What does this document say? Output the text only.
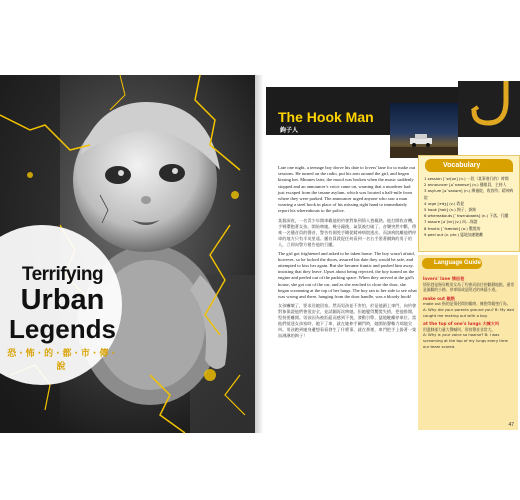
Terrifying
Urban
Legends
恐·怖·的·都·市·傳·說
The Hook Man
鉤子人

Late one night, a teenage boy drove his date to lovers' lane for to make out sessions. He turned on the radio, put his arm around the girl, and began kissing her. Minutes later, the mood was broken when the music suddenly stopped and an announcer's voice came on, warning that a murderer had just escaped from the insane asylum, which was located a half-mile from where they were parked. The announcer urged anyone who saw a man wearing a steel hook in place of his missing right hand to immediately report his whereabouts to the police.

某個深夜，一名青少年開車載他的約會對象到情人巷親熱。他打開收音機，手臂環抱著女孩，開始吻她。幾分鐘後，氣氛被打破了，音樂突然中斷，傳來一名播音員的聲音，警告有個兇手剛從精神病院逃出，而該病院離他們停車的地方只有半英里遠。播音員敦促任何看到一名右手裝著鋼鉤的男子的人，立即向警方報告他的行蹤。

The girl got frightened and asked to be taken home. The boy wasn't afraid, however, so he locked the doors, assured his date they would be safe, and attempted to kiss her again. But she became frantic and pushed him away, insisting that they leave. Upset about being rejected, the boy turned on the engine and peeled out of the parking space. When they arrived at the girl's house, she got out of the car, and as she reached to close the door, she began screaming at the top of her lungs. The boy ran to her side to see what was wrong and there, hanging from the door handle, was a bloody hook!

女孩嚇壞了，要求送她回家。然而男孩並不害怕，於是他鎖上車門，向約會對象保證他們會很安全，並試圖再次吻她。但她變得驚慌失措，把他推開，堅持要離開。男孩因為被拒絕而感到不悅，發動引擎，猛地駛離停車位。當他們抵達女孩家時，她下了車，就在她伸手關門時，她開始聲嘶力竭地尖叫。男孩跑到她身邊想看看發生了什麼事，就在那裡，車門把手上掛著一隻血淋淋的鉤子！

Vocabulary
1 session [ˋsɛʃən] (n.) 一段（某事進行的）時間
2 announcer [əˋnaʊnsɚ] (n.) 播報員，主持人
3 asylum [əˋsaɪləm] (n.) 療養院，收容所；精神病院
4 urge [ɝdʒ] (v.) 敦促
5 hook [hʊk] (n.) 鉤子，掛鉤
6 whereabouts [ˋhwɛrəbaʊts] (n.) 下落，行蹤
7 assure [əˋʃʊr] (v.) 向…保證
8 frantic [ˋfræntɪk] (a.) 驚慌的
9 peel out (v. phr.) 猛地加速駛離
Language Guide
lovers' lane 情侶巷
情侶巷是指年輕男女為了約會而前往的僻靜地點，通常是偏僻的小路、停車場或是附近的林蔭小道。
make out 親熱
make out 指的是情侶間的親吻、擁抱等親密行為。
A: Why did your parents ground you? B: My dad caught me making out with a boy.
at the top of one's lungs 大喊大叫
用盡肺部力量大聲喊叫，形容聲音非常大。
A: Why is your voice so hoarse? B: I was screaming at the top of my lungs every time our team scored.
47
